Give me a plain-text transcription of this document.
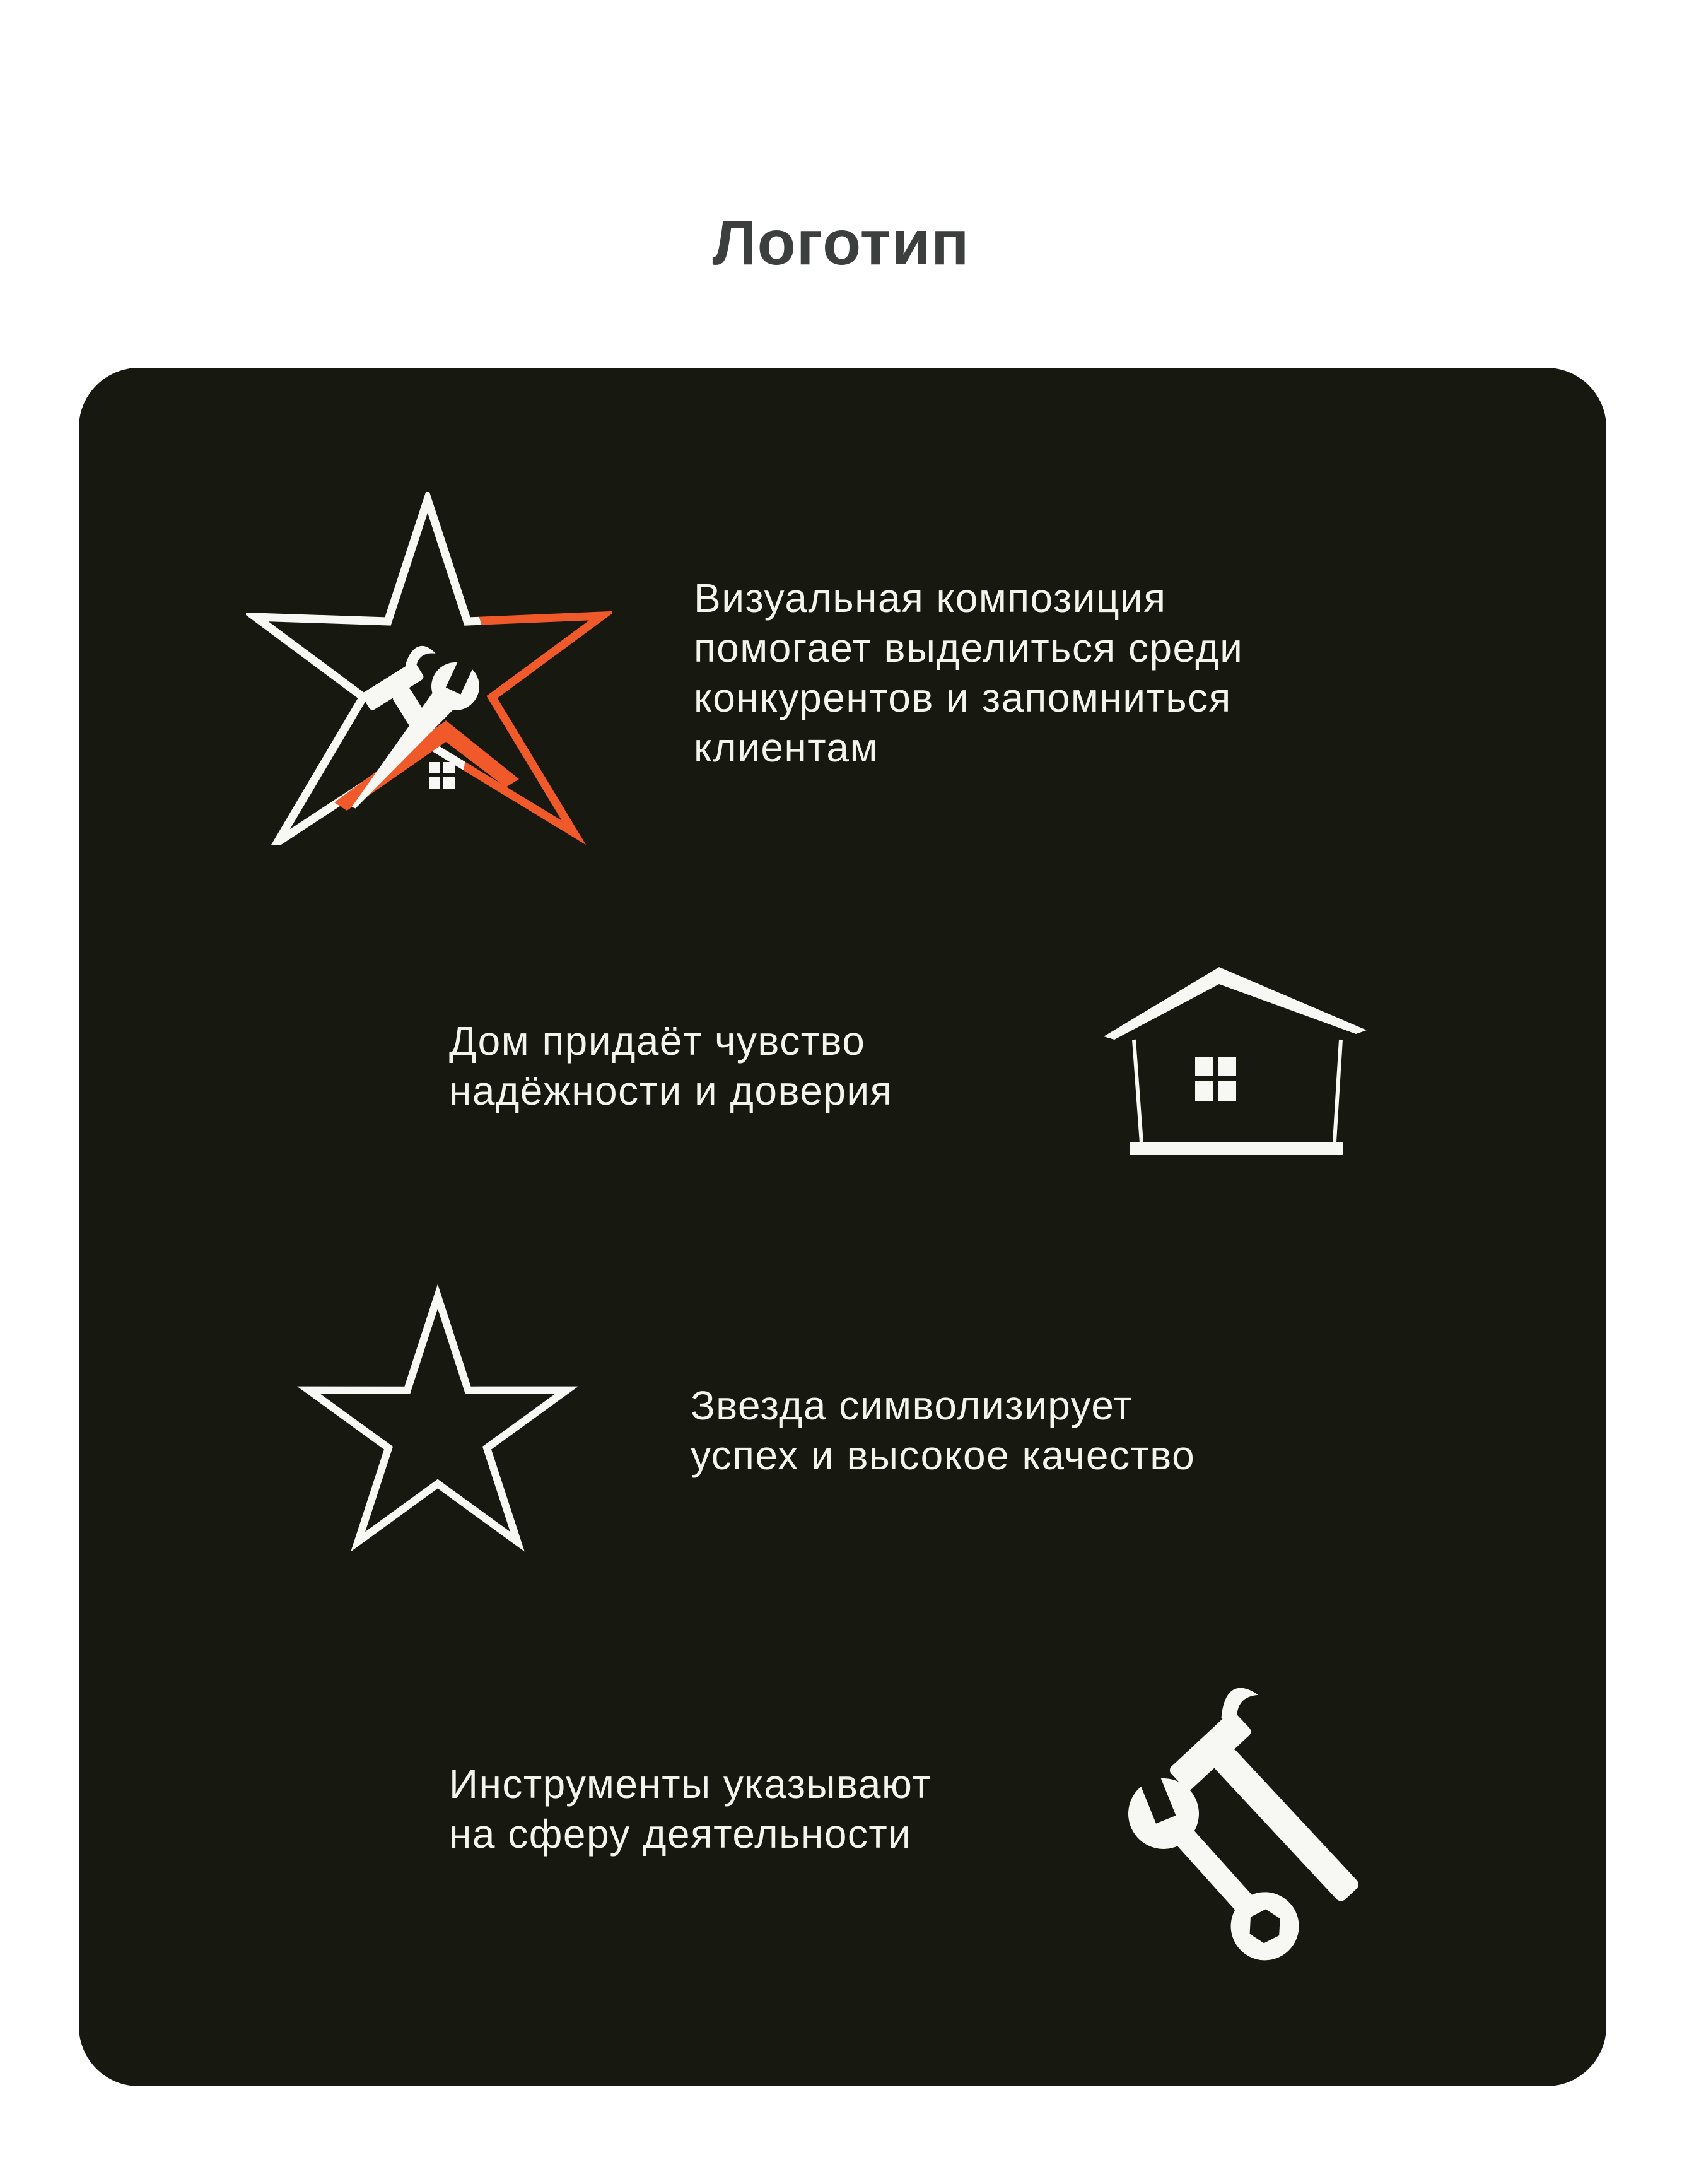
Логотип
Визуальная композиция
помогает выделиться среди
конкурентов и запомниться
клиентам
Дом придаёт чувство
надёжности и доверия
Звезда символизирует
успех и высокое качество
Инструменты указывают
на сферу деятельности
